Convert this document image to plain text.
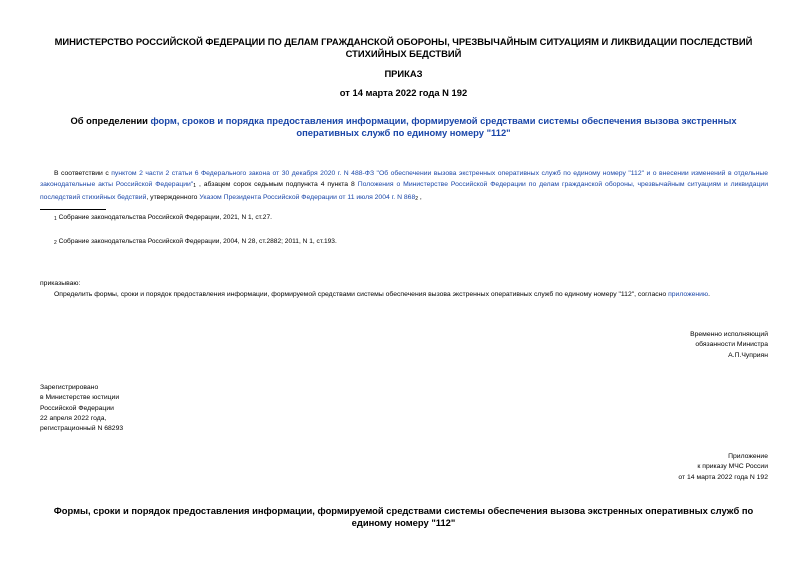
МИНИСТЕРСТВО РОССИЙСКОЙ ФЕДЕРАЦИИ ПО ДЕЛАМ ГРАЖДАНСКОЙ ОБОРОНЫ, ЧРЕЗВЫЧАЙНЫМ СИТУАЦИЯМ И ЛИКВИДАЦИИ ПОСЛЕДСТВИЙ СТИХИЙНЫХ БЕДСТВИЙ
ПРИКАЗ
от 14 марта 2022 года N 192
Об определении форм, сроков и порядка предоставления информации, формируемой средствами системы обеспечения вызова экстренных оперативных служб по единому номеру "112"
В соответствии с пунктом 2 части 2 статьи 6 Федерального закона от 30 декабря 2020 г. N 488-ФЗ "Об обеспечении вызова экстренных оперативных служб по единому номеру "112" и о внесении изменений в отдельные законодательные акты Российской Федерации"$^1$ , абзацем сорок седьмым подпункта 4 пункта 8 Положения о Министерстве Российской Федерации по делам гражданской обороны, чрезвычайным ситуациям и ликвидации последствий стихийных бедствий, утвержденного Указом Президента Российской Федерации от 11 июля 2004 г. N 868$^2$ ,
$_1$ Собрание законодательства Российской Федерации, 2021, N 1, ст.27.
$_2$ Собрание законодательства Российской Федерации, 2004, N 28, ст.2882; 2011, N 1, ст.193.
приказываю:
Определить формы, сроки и порядок предоставления информации, формируемой средствами системы обеспечения вызова экстренных оперативных служб по единому номеру "112", согласно приложению.
Временно исполняющий
обязанности Министра
А.П.Чуприян
Зарегистрировано
в Министерстве юстиции
Российской Федерации
22 апреля 2022 года,
регистрационный N 68293
Приложение
к приказу МЧС России
от 14 марта 2022 года N 192
Формы, сроки и порядок предоставления информации, формируемой средствами системы обеспечения вызова экстренных оперативных служб по единому номеру "112"
